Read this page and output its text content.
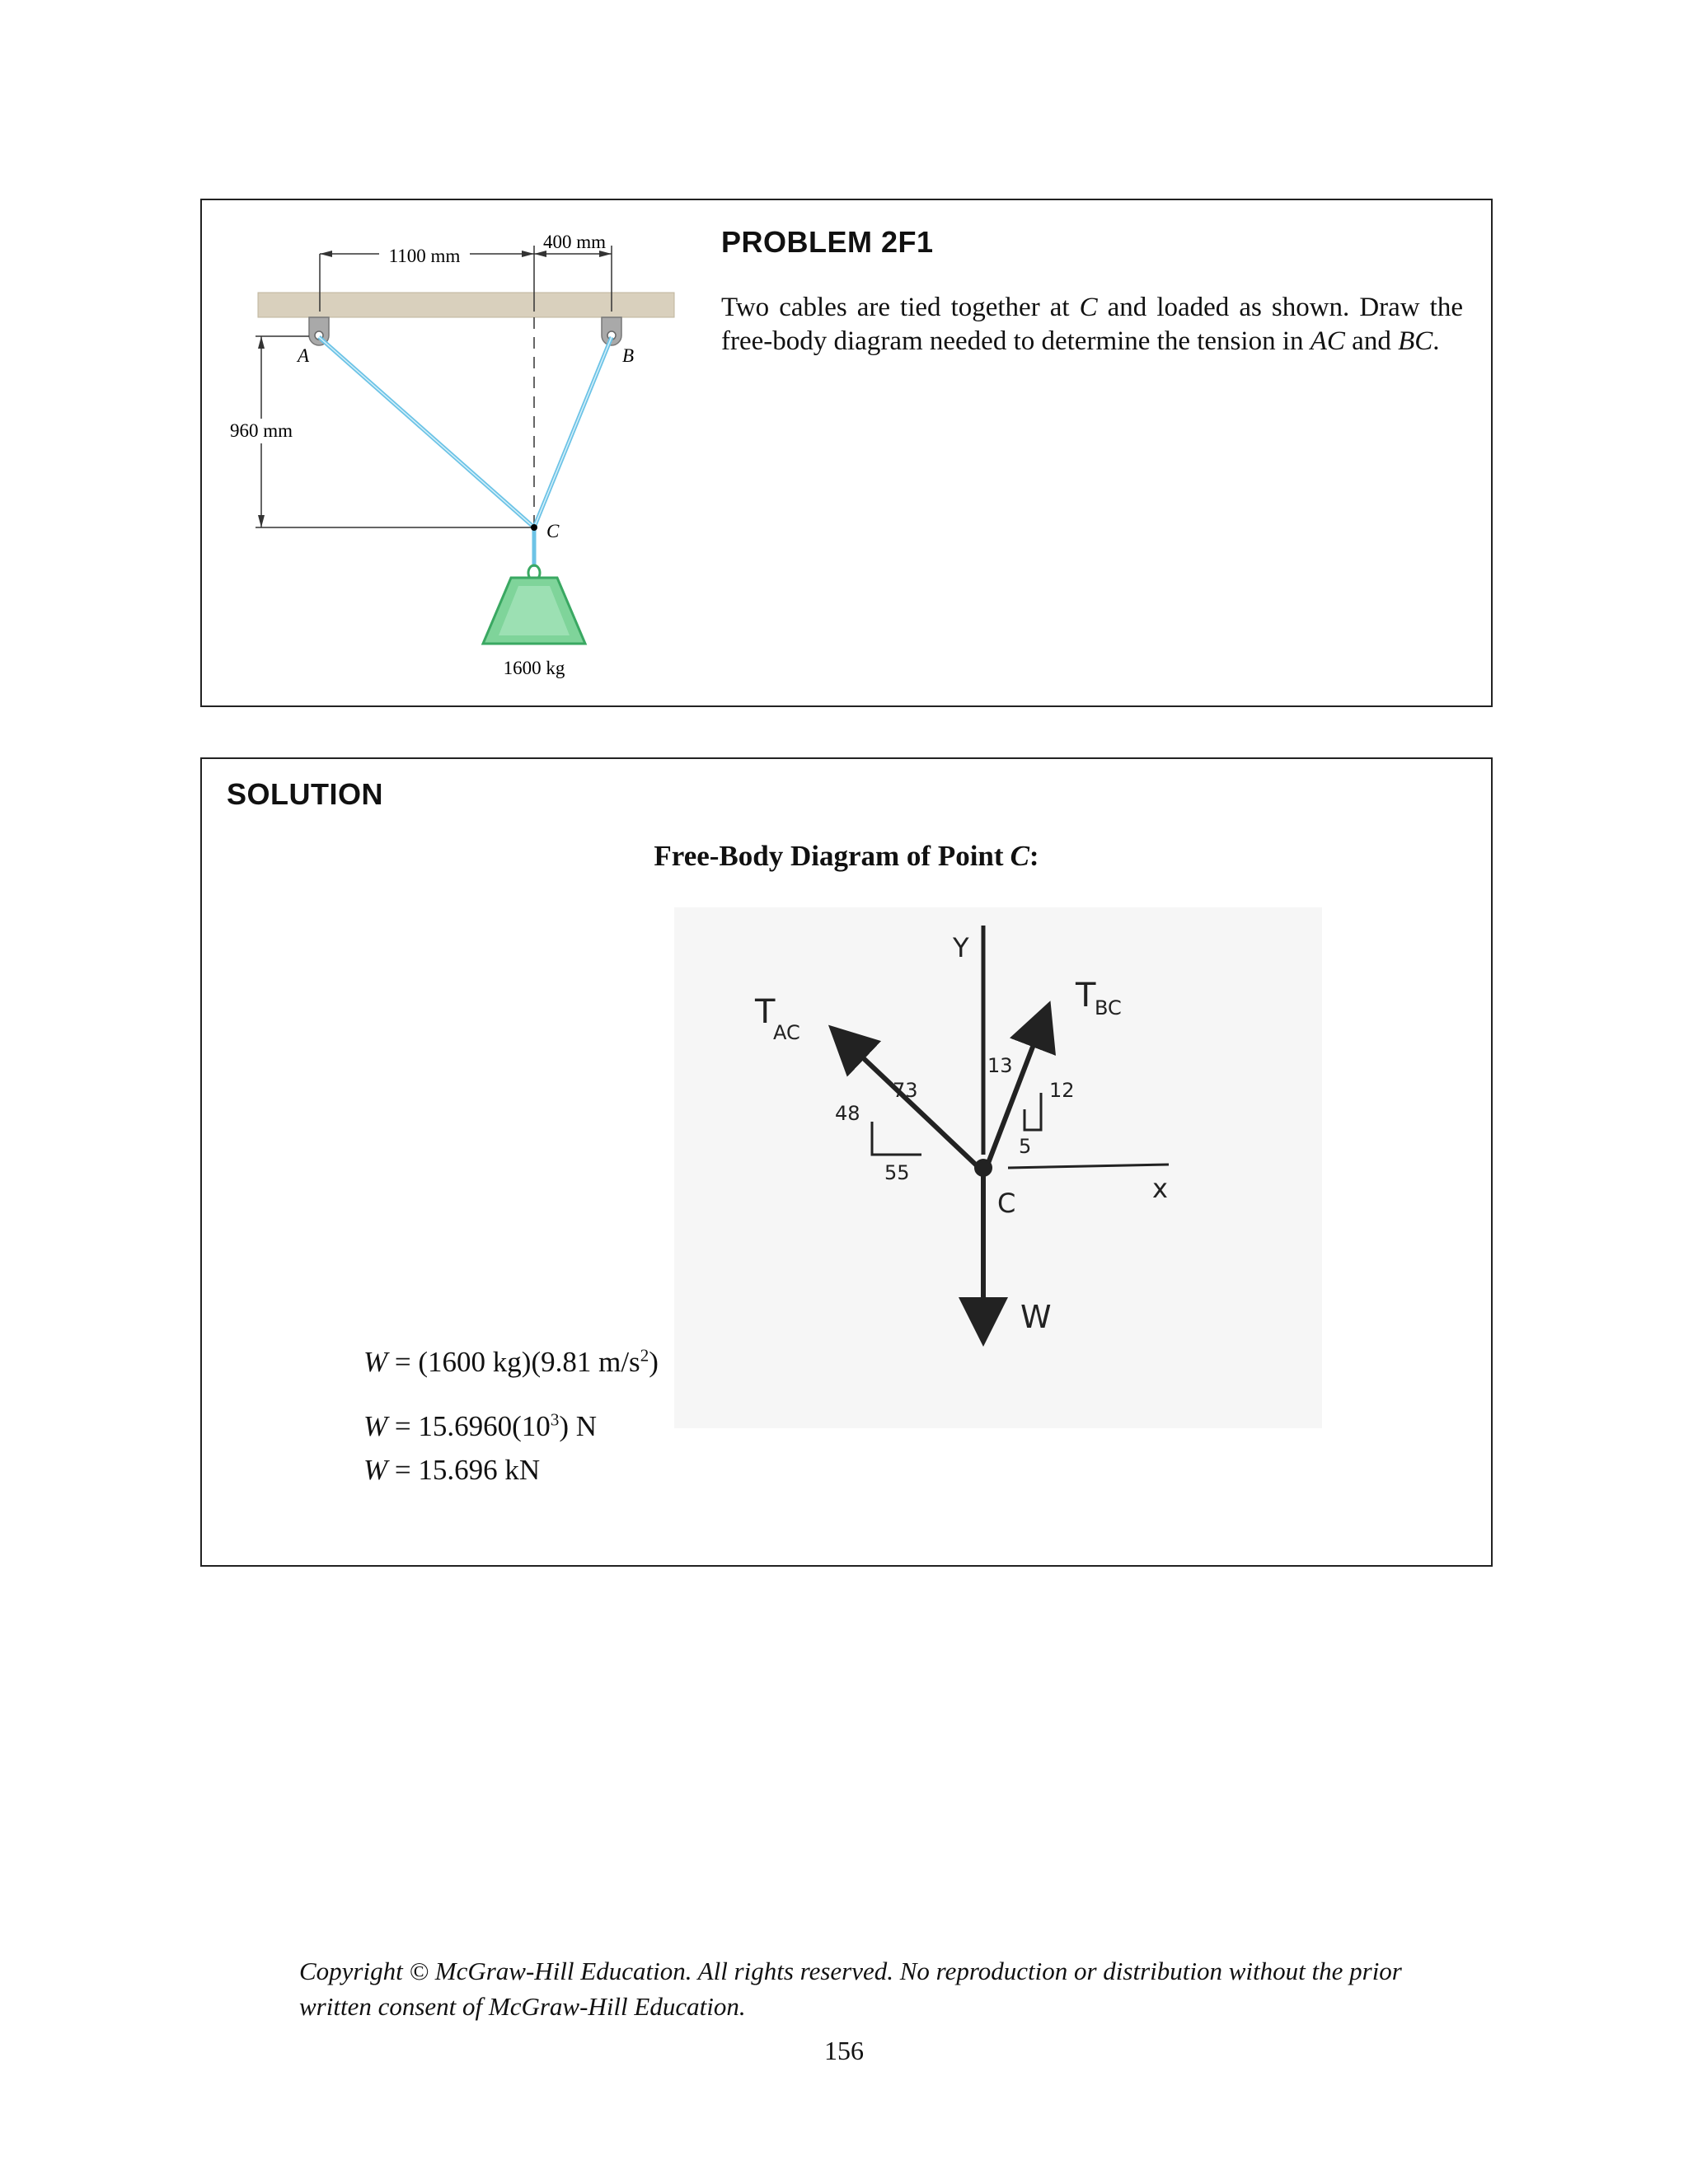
1100 mm
400 mm
960 mm
A	B
C
1600 kg
PROBLEM 2F1
Two cables are tied together at C and loaded as shown. Draw the free-body diagram needed to determine the tension in AC and BC.
SOLUTION
Free-Body Diagram of Point C:
Y
x
W
T
AC
T
BC
C
48
73
55
13
12
5
W = (1600 kg)(9.81 $m/s^2$)
$W = 15.6960(10^3)$ N
W = 15.696 kN
Copyright © McGraw-Hill Education. All rights reserved. No reproduction or distribution without the prior
written consent of McGraw-Hill Education.
156
